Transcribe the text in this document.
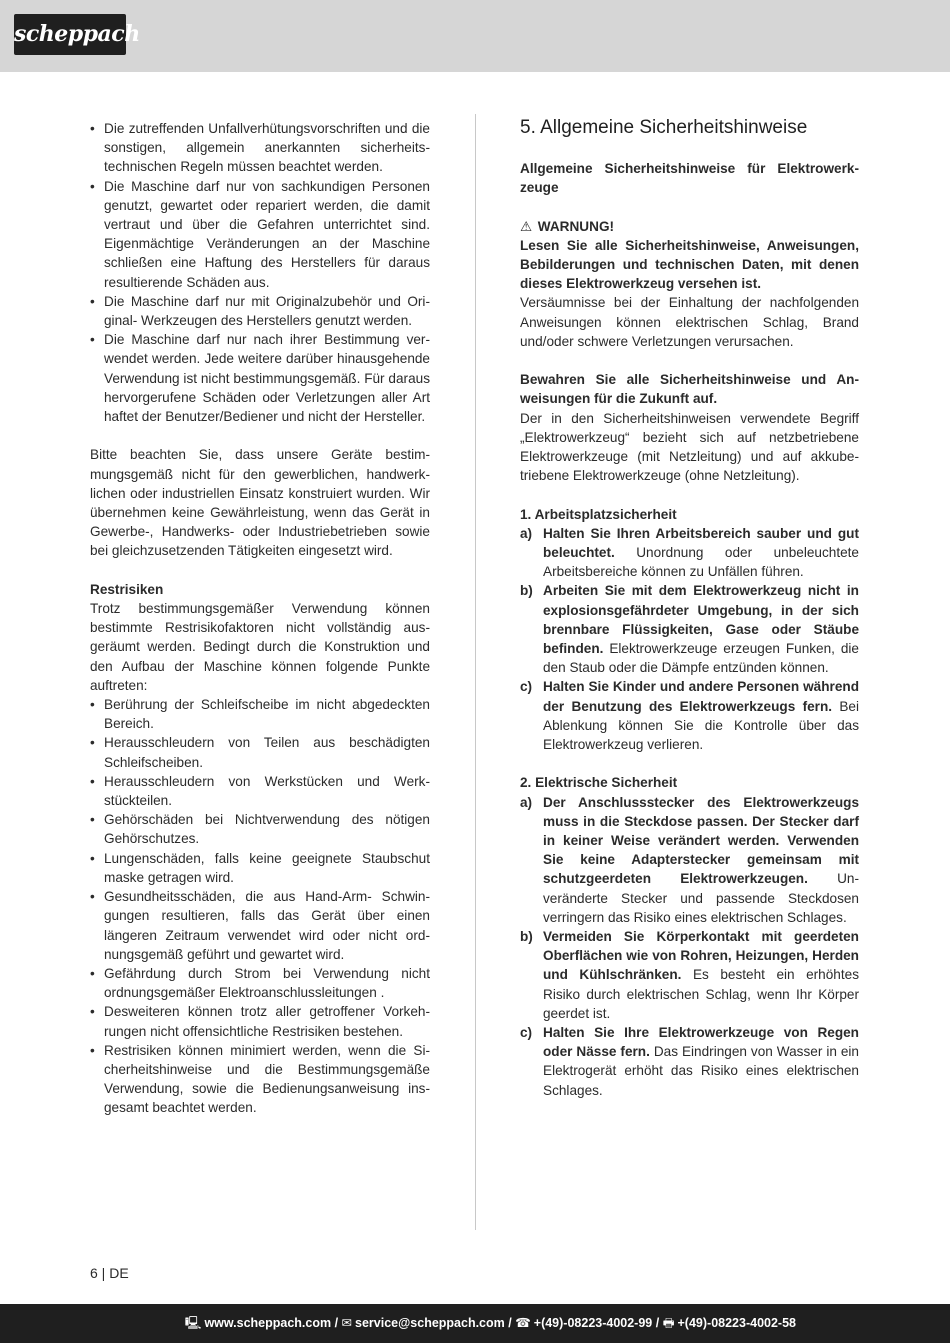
scheppach
• Die zutreffenden Unfallverhütungsvorschriften und die sonstigen, allgemein anerkannten sicherheitstechnischen Regeln müssen beachtet werden.
• Die Maschine darf nur von sachkundigen Personen genutzt, gewartet oder repariert werden, die damit vertraut und über die Gefahren unterrichtet sind. Eigenmächtige Veränderungen an der Maschine schließen eine Haftung des Herstellers für daraus resultierende Schäden aus.
• Die Maschine darf nur mit Originalzubehör und Original- Werkzeugen des Herstellers genutzt werden.
• Die Maschine darf nur nach ihrer Bestimmung verwendet werden. Jede weitere darüber hinausgehende Verwendung ist nicht bestimmungsgemäß. Für daraus hervorgerufene Schäden oder Verletzungen aller Art haftet der Benutzer/Bediener und nicht der Hersteller.

Bitte beachten Sie, dass unsere Geräte bestimmungsgemäß nicht für den gewerblichen, handwerklichen oder industriellen Einsatz konstruiert wurden. Wir übernehmen keine Gewährleistung, wenn das Gerät in Gewerbe-, Handwerks- oder Industriebetrieben sowie bei gleichzusetzenden Tätigkeiten eingesetzt wird.

Restrisiken

Trotz bestimmungsgemäßer Verwendung können bestimmte Restrisikofaktoren nicht vollständig ausgeräumt werden. Bedingt durch die Konstruktion und den Aufbau der Maschine können folgende Punkte auftreten:

• Berührung der Schleifscheibe im nicht abgedeckten Bereich.
• Herausschleudern von Teilen aus beschädigten Schleifscheiben.
• Herausschleudern von Werkstücken und Werkstückteilen.
• Gehörschäden bei Nichtverwendung des nötigen Gehörschutzes.
• Lungenschäden, falls keine geeignete Staubschut maske getragen wird.
• Gesundheitsschäden, die aus Hand-Arm- Schwingungen resultieren, falls das Gerät über einen längeren Zeitraum verwendet wird oder nicht ordnungsgemäß geführt und gewartet wird.
• Gefährdung durch Strom bei Verwendung nicht ordnungsgemäßer Elektroanschlussleitungen .
• Desweiteren können trotz aller getroffener Vorkehrungen nicht offensichtliche Restrisiken bestehen.
• Restrisiken können minimiert werden, wenn die Sicherheitshinweise und die Bestimmungsgemäße Verwendung, sowie die Bedienungsanweisung insgesamt beachtet werden.
5. Allgemeine Sicherheitshinweise

Allgemeine Sicherheitshinweise für Elektrowerkzeuge

⚠ WARNUNG!

Lesen Sie alle Sicherheitshinweise, Anweisungen, Bebilderungen und technischen Daten, mit denen dieses Elektrowerkzeug versehen ist.

Versäumnisse bei der Einhaltung der nachfolgenden Anweisungen können elektrischen Schlag, Brand und/oder schwere Verletzungen verursachen.

Bewahren Sie alle Sicherheitshinweise und Anweisungen für die Zukunft auf.

Der in den Sicherheitshinweisen verwendete Begriff „Elektrowerkzeug“ bezieht sich auf netzbetriebene Elektrowerkzeuge (mit Netzleitung) und auf akkubetriebene Elektrowerkzeuge (ohne Netzleitung).

1. Arbeitsplatzsicherheit

a) Halten Sie Ihren Arbeitsbereich sauber und gut beleuchtet. Unordnung oder unbeleuchtete Arbeitsbereiche können zu Unfällen führen.
b) Arbeiten Sie mit dem Elektrowerkzeug nicht in explosionsgefährdeter Umgebung, in der sich brennbare Flüssigkeiten, Gase oder Stäube befinden. Elektrowerkzeuge erzeugen Funken, die den Staub oder die Dämpfe entzünden können.
c) Halten Sie Kinder und andere Personen während der Benutzung des Elektrowerkzeugs fern. Bei Ablenkung können Sie die Kontrolle über das Elektrowerkzeug verlieren.

2. Elektrische Sicherheit

a) Der Anschlussstecker des Elektrowerkzeugs muss in die Steckdose passen. Der Stecker darf in keiner Weise verändert werden. Verwenden Sie keine Adapterstecker gemeinsam mit schutzgeerdeten Elektrowerkzeugen. Unveränderte Stecker und passende Steckdosen verringern das Risiko eines elektrischen Schlages.
b) Vermeiden Sie Körperkontakt mit geerdeten Oberflächen wie von Rohren, Heizungen, Herden und Kühlschränken. Es besteht ein erhöhtes Risiko durch elektrischen Schlag, wenn Ihr Körper geerdet ist.
c) Halten Sie Ihre Elektrowerkzeuge von Regen oder Nässe fern. Das Eindringen von Wasser in ein Elektrogerät erhöht das Risiko eines elektrischen Schlages.
6 | DE
🖳 www.scheppach.com / ✉ service@scheppach.com / ☎ +(49)-08223-4002-99 / 🖶 +(49)-08223-4002-58
